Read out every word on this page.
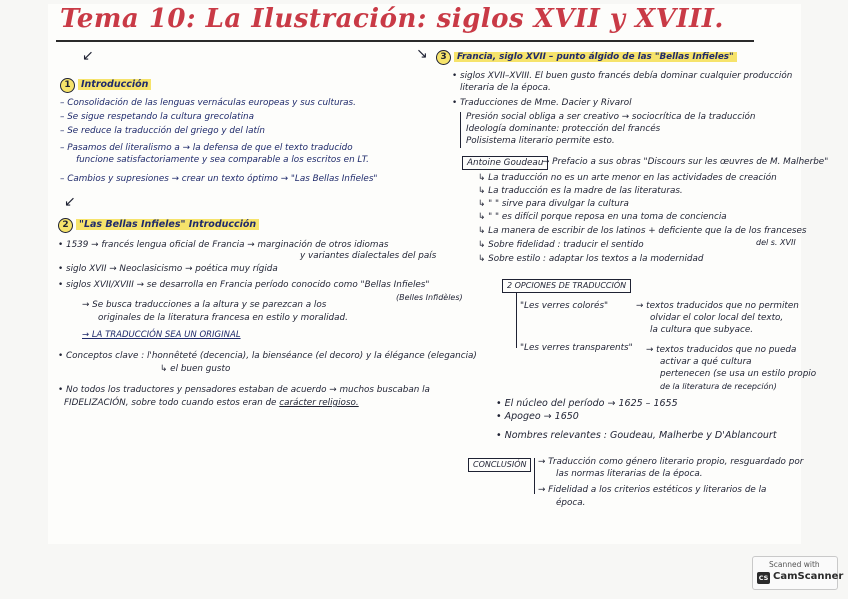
Tema 10: La Ilustración: siglos XVII y XVIII.
↙
1 Introducción
– Consolidación de las lenguas vernáculas europeas y sus culturas.
– Se sigue respetando la cultura grecolatina
– Se reduce la traducción del griego y del latín
– Pasamos del literalismo a → la defensa de que el texto traducido
funcione satisfactoriamente y sea comparable a los escritos en LT.
– Cambios y supresiones → crear un texto óptimo → "Las Bellas Infieles"
↙
2 "Las Bellas Infieles" Introducción
• 1539 → francés lengua oficial de Francia → marginación de otros idiomas
y variantes dialectales del país
• siglo XVII → Neoclasicismo → poética muy rígida
• siglos XVII/XVIII → se desarrolla en Francia período conocido como "Bellas Infieles"
(Belles Infidèles)
→ Se busca traducciones a la altura y se parezcan a los
originales de la literatura francesa en estilo y moralidad.
→ LA TRADUCCIÓN SEA UN ORIGINAL
• Conceptos clave : l'honnêteté (decencia), la bienséance (el decoro) y la élégance (elegancia)
↳ el buen gusto
• No todos los traductores y pensadores estaban de acuerdo → muchos buscaban la
FIDELIZACIÓN, sobre todo cuando estos eran de carácter religioso.
↘	3 Francia, siglo XVII – punto álgido de las "Bellas Infieles"
• siglos XVII–XVIII. El buen gusto francés debía dominar cualquier producción
literaria de la época.
• Traducciones de Mme. Dacier y Rivarol
Presión social obliga a ser creativo → sociocrítica de la traducción
Ideología dominante: protección del francés
Polisistema literario permite esto.
Antoine Goudeau
→ Prefacio a sus obras "Discours sur les œuvres de M. Malherbe"
↳ La traducción no es un arte menor en las actividades de creación
↳ La traducción es la madre de las literaturas.
↳ " " sirve para divulgar la cultura
↳ " " es difícil porque reposa en una toma de conciencia
↳ La manera de escribir de los latinos + deficiente que la de los franceses
del s. XVII
↳ Sobre fidelidad : traducir el sentido
↳ Sobre estilo : adaptar los textos a la modernidad
2 OPCIONES DE TRADUCCIÓN
"Les verres colorés"	→ textos traducidos que no permiten
olvidar el color local del texto,
la cultura que subyace.
"Les verres transparents" → textos traducidos que no pueda
activar a qué cultura
pertenecen (se usa un estilo propio
de la literatura de recepción)
• El núcleo del período → 1625 – 1655
• Apogeo → 1650
• Nombres relevantes : Goudeau, Malherbe y D'Ablancourt
CONCLUSIÓN	→ Traducción como género literario propio, resguardado por
las normas literarias de la época.
→ Fidelidad a los criterios estéticos y literarios de la
época.
Scanned with
CS CamScanner
